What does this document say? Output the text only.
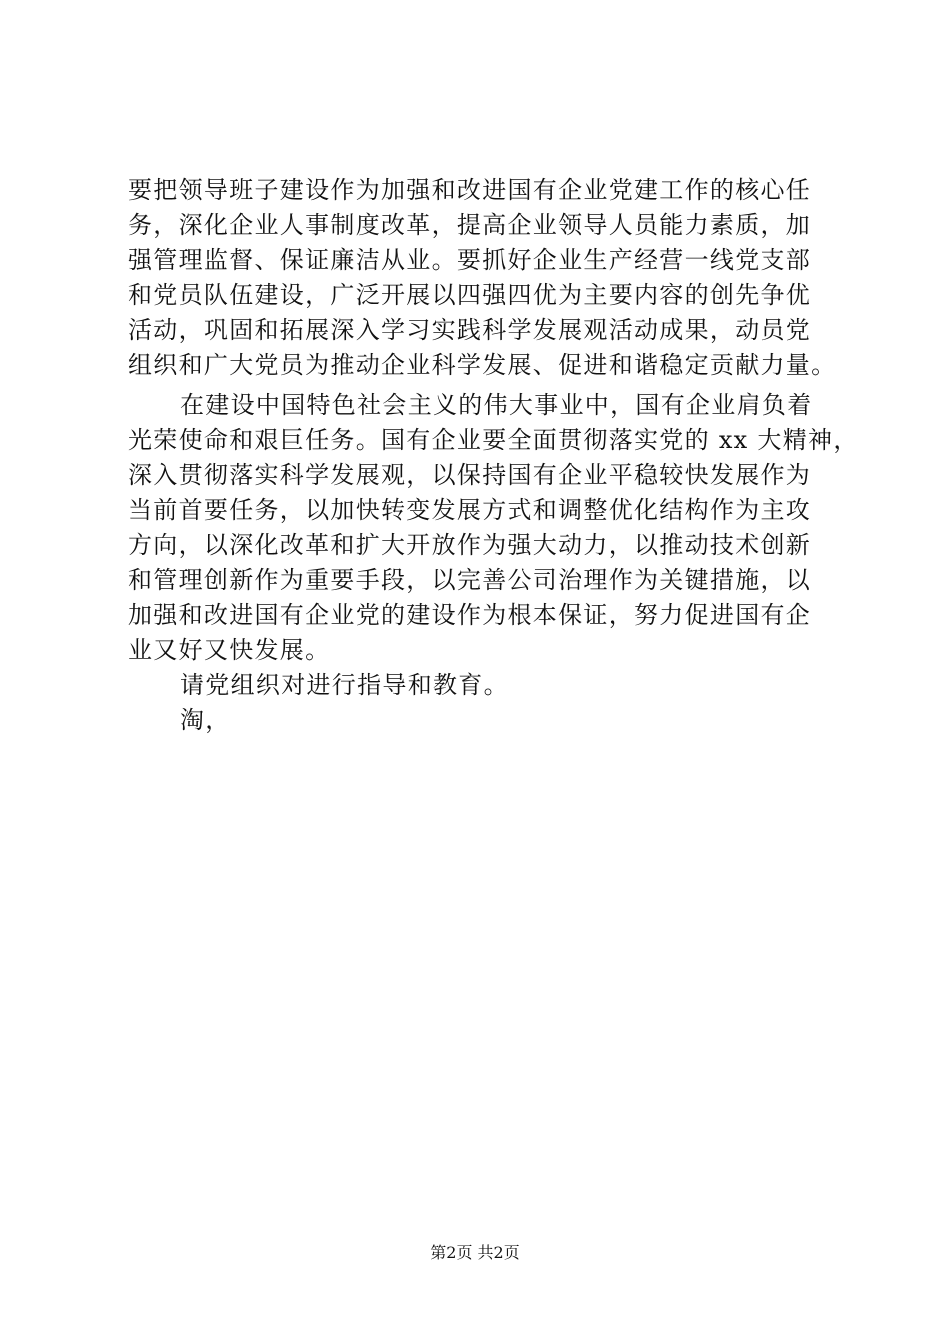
要把领导班子建设作为加强和改进国有企业党建工作的核心任
务，深化企业人事制度改革，提高企业领导人员能力素质，加
强管理监督、保证廉洁从业。要抓好企业生产经营一线党支部
和党员队伍建设，广泛开展以四强四优为主要内容的创先争优
活动，巩固和拓展深入学习实践科学发展观活动成果，动员党
组织和广大党员为推动企业科学发展、促进和谐稳定贡献力量。
在建设中国特色社会主义的伟大事业中，国有企业肩负着
光荣使命和艰巨任务。国有企业要全面贯彻落实党的 xx 大精神，
深入贯彻落实科学发展观，以保持国有企业平稳较快发展作为
当前首要任务，以加快转变发展方式和调整优化结构作为主攻
方向，以深化改革和扩大开放作为强大动力，以推动技术创新
和管理创新作为重要手段，以完善公司治理作为关键措施，以
加强和改进国有企业党的建设作为根本保证，努力促进国有企
业又好又快发展。
请党组织对进行指导和教育。
淘，
第2页 共2页
